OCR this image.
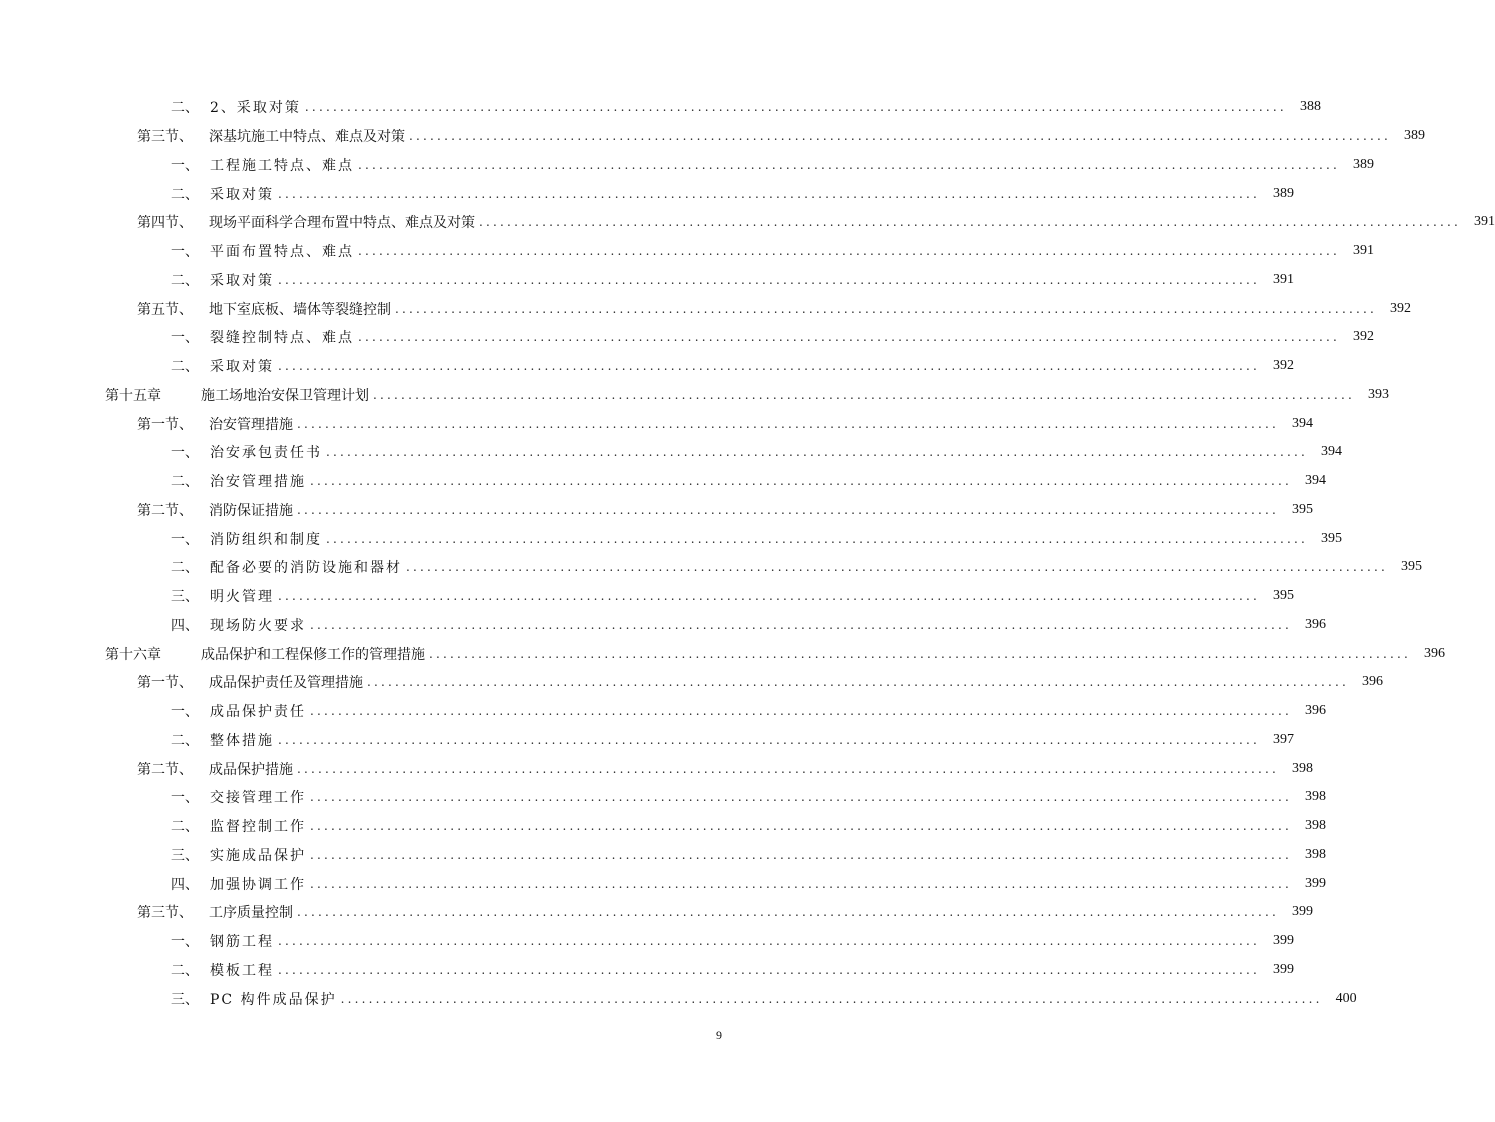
二、 2、采取对策 ............................................................................................................................................ 388
第三节、	深基坑施工中特点、难点及对策 ............................................................................................................................................ 389
一、 工程施工特点、难点 ............................................................................................................................................ 389
二、 采取对策 ............................................................................................................................................ 389
第四节、	现场平面科学合理布置中特点、难点及对策 ............................................................................................................................................ 391
一、 平面布置特点、难点 ............................................................................................................................................ 391
二、 采取对策 ............................................................................................................................................ 391
第五节、	地下室底板、墙体等裂缝控制 ............................................................................................................................................ 392
一、 裂缝控制特点、难点 ............................................................................................................................................ 392
二、 采取对策 ............................................................................................................................................ 392
第十五章	施工场地治安保卫管理计划 ............................................................................................................................................ 393
第一节、	治安管理措施 ............................................................................................................................................ 394
一、 治安承包责任书 ............................................................................................................................................ 394
二、 治安管理措施 ............................................................................................................................................ 394
第二节、	消防保证措施 ............................................................................................................................................ 395
一、 消防组织和制度 ............................................................................................................................................ 395
二、 配备必要的消防设施和器材 ............................................................................................................................................ 395
三、 明火管理 ............................................................................................................................................ 395
四、 现场防火要求 ............................................................................................................................................ 396
第十六章	成品保护和工程保修工作的管理措施 ............................................................................................................................................ 396
第一节、	成品保护责任及管理措施 ............................................................................................................................................ 396
一、 成品保护责任 ............................................................................................................................................ 396
二、 整体措施 ............................................................................................................................................ 397
第二节、	成品保护措施 ............................................................................................................................................ 398
一、 交接管理工作 ............................................................................................................................................ 398
二、 监督控制工作 ............................................................................................................................................ 398
三、 实施成品保护 ............................................................................................................................................ 398
四、 加强协调工作 ............................................................................................................................................ 399
第三节、	工序质量控制 ............................................................................................................................................ 399
一、 钢筋工程 ............................................................................................................................................ 399
二、 模板工程 ............................................................................................................................................ 399
三、 PC 构件成品保护 ............................................................................................................................................ 400
9
